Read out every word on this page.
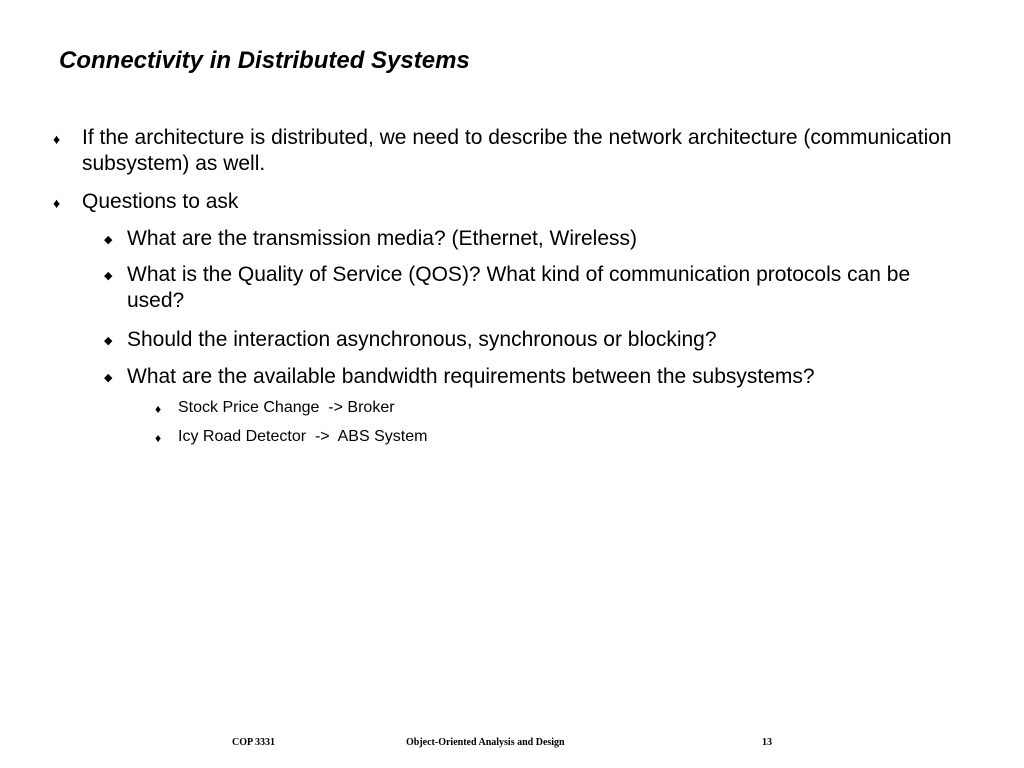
Connectivity in Distributed Systems
♦ If the architecture is distributed, we need to describe the network architecture (communication subsystem) as well.
♦ Questions to ask
◆ What are the transmission media? (Ethernet, Wireless)
◆ What is the Quality of Service (QOS)? What kind of communication protocols can be used?
◆ Should the interaction asynchronous, synchronous or blocking?
◆ What are the available bandwidth requirements between the subsystems?
♦ Stock Price Change  -> Broker
♦ Icy Road Detector  ->  ABS System
COP 3331	Object-Oriented Analysis and Design	13
